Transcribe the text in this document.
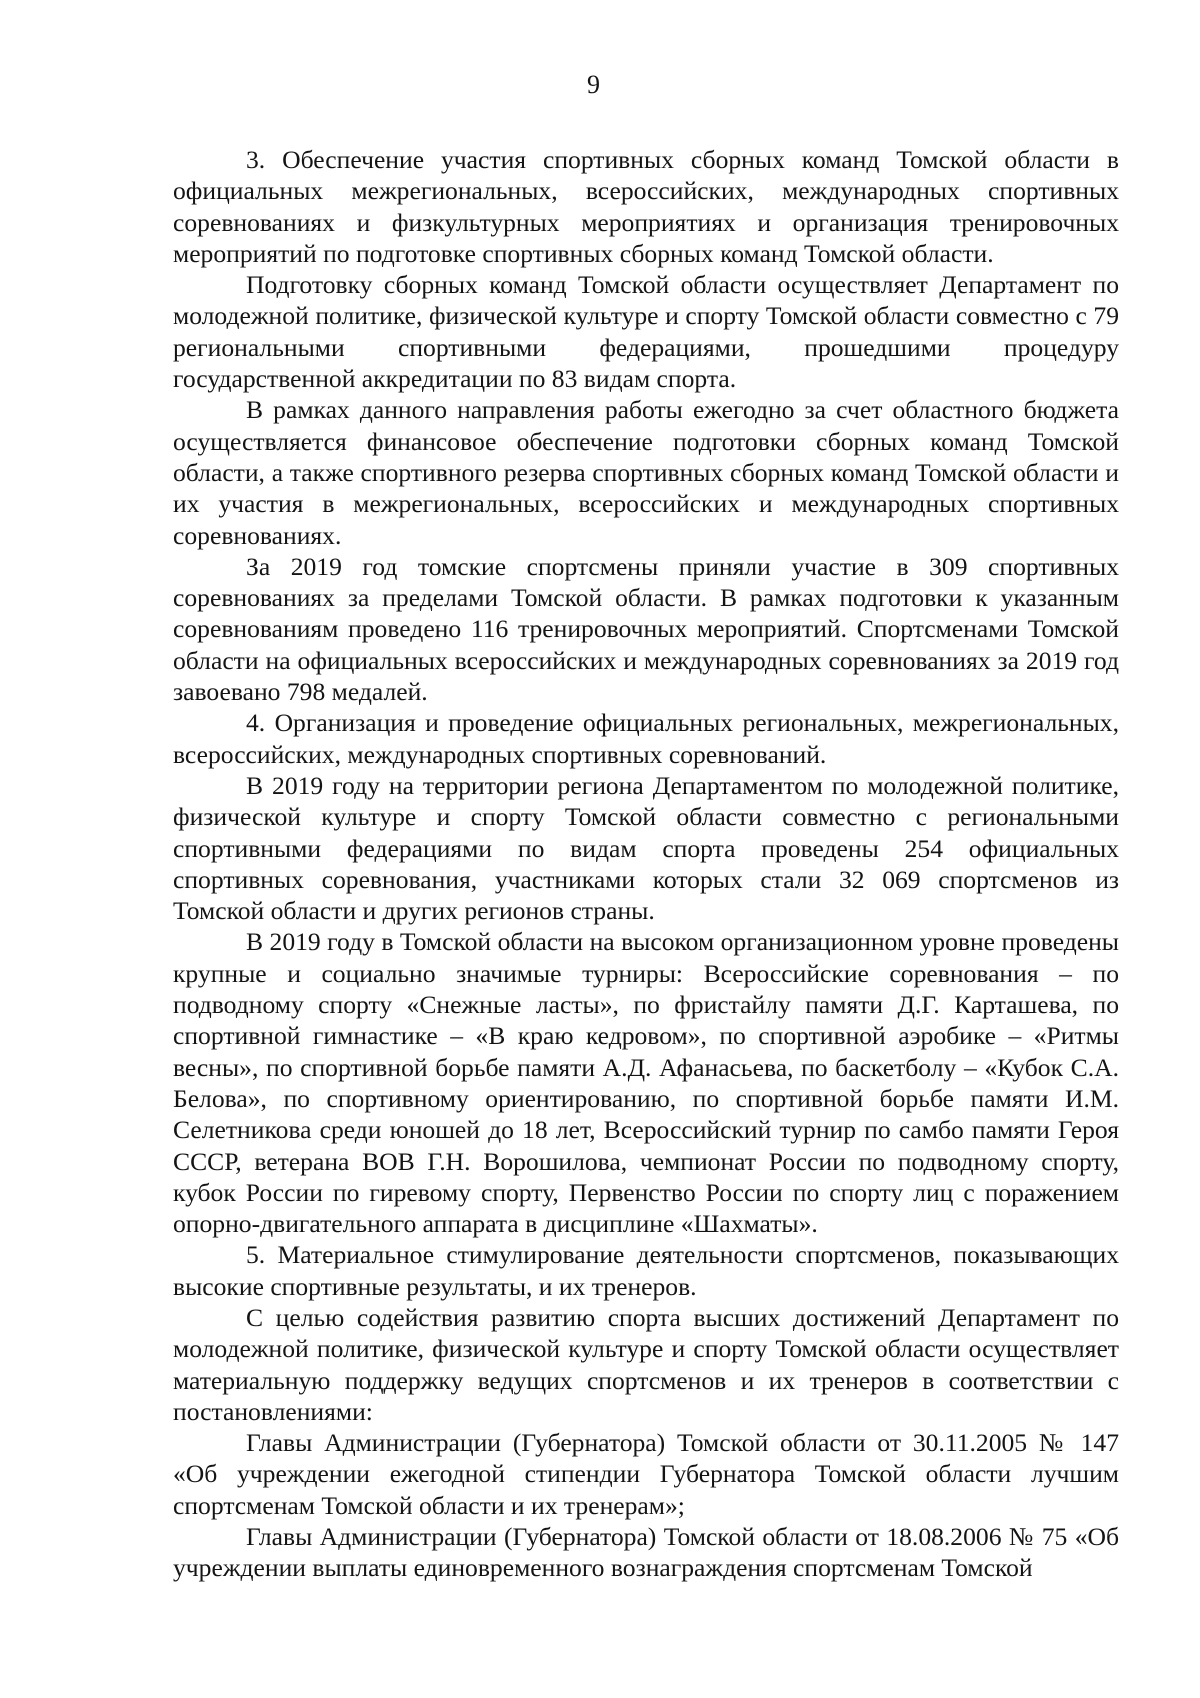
9

3. Обеспечение участия спортивных сборных команд Томской области в официальных межрегиональных, всероссийских, международных спортивных соревнованиях и физкультурных мероприятиях и организация тренировочных мероприятий по подготовке спортивных сборных команд Томской области.

Подготовку сборных команд Томской области осуществляет Департамент по молодежной политике, физической культуре и спорту Томской области совместно с 79 региональными спортивными федерациями, прошедшими процедуру государственной аккредитации по 83 видам спорта.

В рамках данного направления работы ежегодно за счет областного бюджета осуществляется финансовое обеспечение подготовки сборных команд Томской области, а также спортивного резерва спортивных сборных команд Томской области и их участия в межрегиональных, всероссийских и международных спортивных соревнованиях.

За 2019 год томские спортсмены приняли участие в 309 спортивных соревнованиях за пределами Томской области. В рамках подготовки к указанным соревнованиям проведено 116 тренировочных мероприятий. Спортсменами Томской области на официальных всероссийских и международных соревнованиях за 2019 год завоевано 798 медалей.

4. Организация и проведение официальных региональных, межрегиональных, всероссийских, международных спортивных соревнований.

В 2019 году на территории региона Департаментом по молодежной политике, физической культуре и спорту Томской области совместно с региональными спортивными федерациями по видам спорта проведены 254 официальных спортивных соревнования, участниками которых стали 32 069 спортсменов из Томской области и других регионов страны.

В 2019 году в Томской области на высоком организационном уровне проведены крупные и социально значимые турниры: Всероссийские соревнования – по подводному спорту «Снежные ласты», по фристайлу памяти Д.Г. Карташева, по спортивной гимнастике – «В краю кедровом», по спортивной аэробике – «Ритмы весны», по спортивной борьбе памяти А.Д. Афанасьева, по баскетболу – «Кубок С.А. Белова», по спортивному ориентированию, по спортивной борьбе памяти И.М. Селетникова среди юношей до 18 лет, Всероссийский турнир по самбо памяти Героя СССР, ветерана ВОВ Г.Н. Ворошилова, чемпионат России по подводному спорту, кубок России по гиревому спорту, Первенство России по спорту лиц с поражением опорно-двигательного аппарата в дисциплине «Шахматы».

5. Материальное стимулирование деятельности спортсменов, показывающих высокие спортивные результаты, и их тренеров.

С целью содействия развитию спорта высших достижений Департамент по молодежной политике, физической культуре и спорту Томской области осуществляет материальную поддержку ведущих спортсменов и их тренеров в соответствии с постановлениями:

Главы Администрации (Губернатора) Томской области от 30.11.2005 № 147 «Об учреждении ежегодной стипендии Губернатора Томской области лучшим спортсменам Томской области и их тренерам»;

Главы Администрации (Губернатора) Томской области от 18.08.2006 № 75 «Об учреждении выплаты единовременного вознаграждения спортсменам Томской
